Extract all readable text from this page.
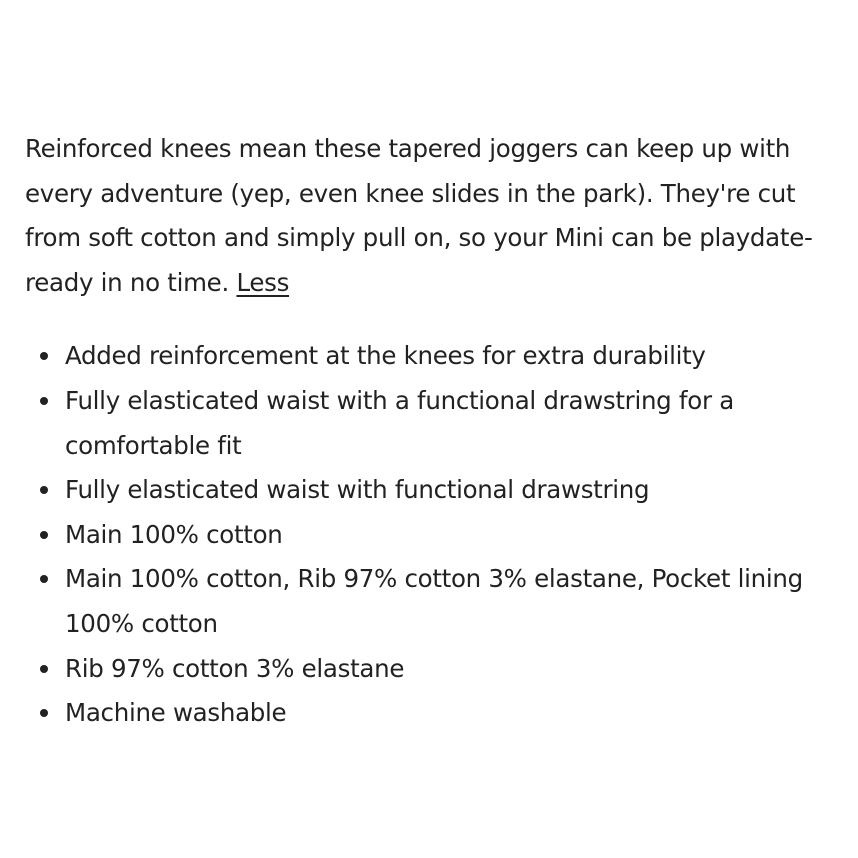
Reinforced knees mean these tapered joggers can keep up with every adventure (yep, even knee slides in the park). They're cut from soft cotton and simply pull on, so your Mini can be playdate-ready in no time. Less

Added reinforcement at the knees for extra durability
Fully elasticated waist with a functional drawstring for a comfortable fit
Fully elasticated waist with functional drawstring
Main 100% cotton
Main 100% cotton, Rib 97% cotton 3% elastane, Pocket lining 100% cotton
Rib 97% cotton 3% elastane
Machine washable
